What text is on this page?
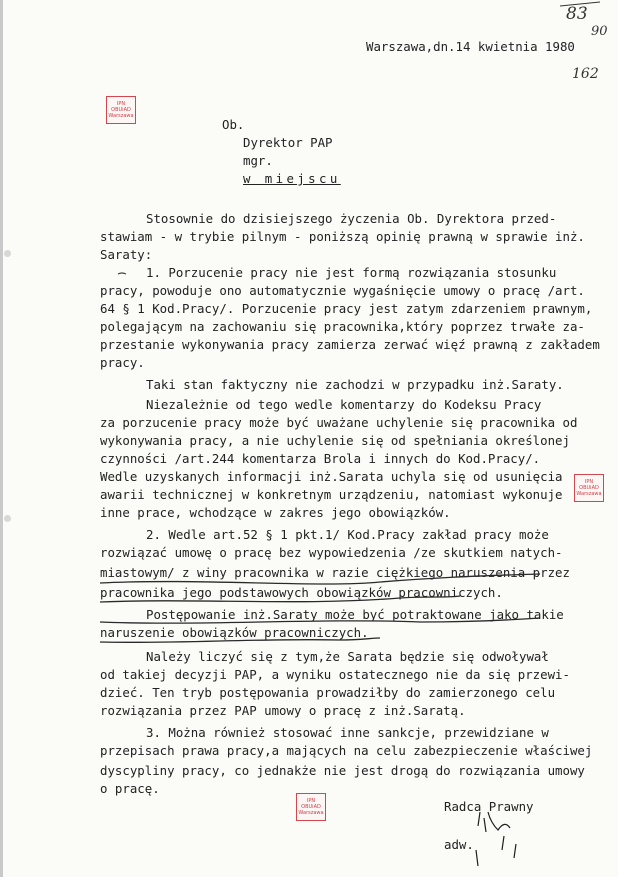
83
90
162
Warszawa,dn.14 kwietnia 1980
IPN
OBUiAD
Warszawa
IPN
OBUiAD
Warszawa
IPN
OBUiAD
Warszawa
Ob.
Dyrektor PAP
mgr.
w miejscu
Stosownie do dzisiejszego życzenia Ob. Dyrektora przed-
stawiam - w trybie pilnym - poniższą opinię prawną w sprawie inż.
Saraty:
1. Porzucenie pracy nie jest formą rozwiązania stosunku
pracy, powoduje ono automatycznie wygaśnięcie umowy o pracę /art.
64 § 1 Kod.Pracy/. Porzucenie pracy jest zatym zdarzeniem prawnym,
polegającym na zachowaniu się pracownika,który poprzez trwałe za-
przestanie wykonywania pracy zamierza zerwać więź prawną z zakładem
pracy.
Taki stan faktyczny nie zachodzi w przypadku inż.Saraty.
Niezależnie od tego wedle komentarzy do Kodeksu Pracy
za porzucenie pracy może być uważane uchylenie się pracownika od
wykonywania pracy, a nie uchylenie się od spełniania określonej
czynności /art.244 komentarza Brola i innych do Kod.Pracy/.
Wedle uzyskanych informacji inż.Sarata uchyla się od usunięcia
awarii technicznej w konkretnym urządzeniu, natomiast wykonuje
inne prace, wchodzące w zakres jego obowiązków.
2. Wedle art.52 § 1 pkt.1/ Kod.Pracy zakład pracy może
rozwiązać umowę o pracę bez wypowiedzenia /ze skutkiem natych-
miastowym/ z winy pracownika w razie ciężkiego naruszenia przez
pracownika jego podstawowych obowiązków pracowniczych.
Postępowanie inż.Saraty może być potraktowane jako takie
naruszenie obowiązków pracowniczych.
Należy liczyć się z tym,że Sarata będzie się odwoływał
od takiej decyzji PAP, a wyniku ostatecznego nie da się przewi-
dzieć. Ten tryb postępowania prowadziłby do zamierzonego celu
rozwiązania przez PAP umowy o pracę z inż.Saratą.
3. Można również stosować inne sankcje, przewidziane w
przepisach prawa pracy,a mających na celu zabezpieczenie właściwej
dyscypliny pracy, co jednakże nie jest drogą do rozwiązania umowy
o pracę.
Radca Prawny
adw.
